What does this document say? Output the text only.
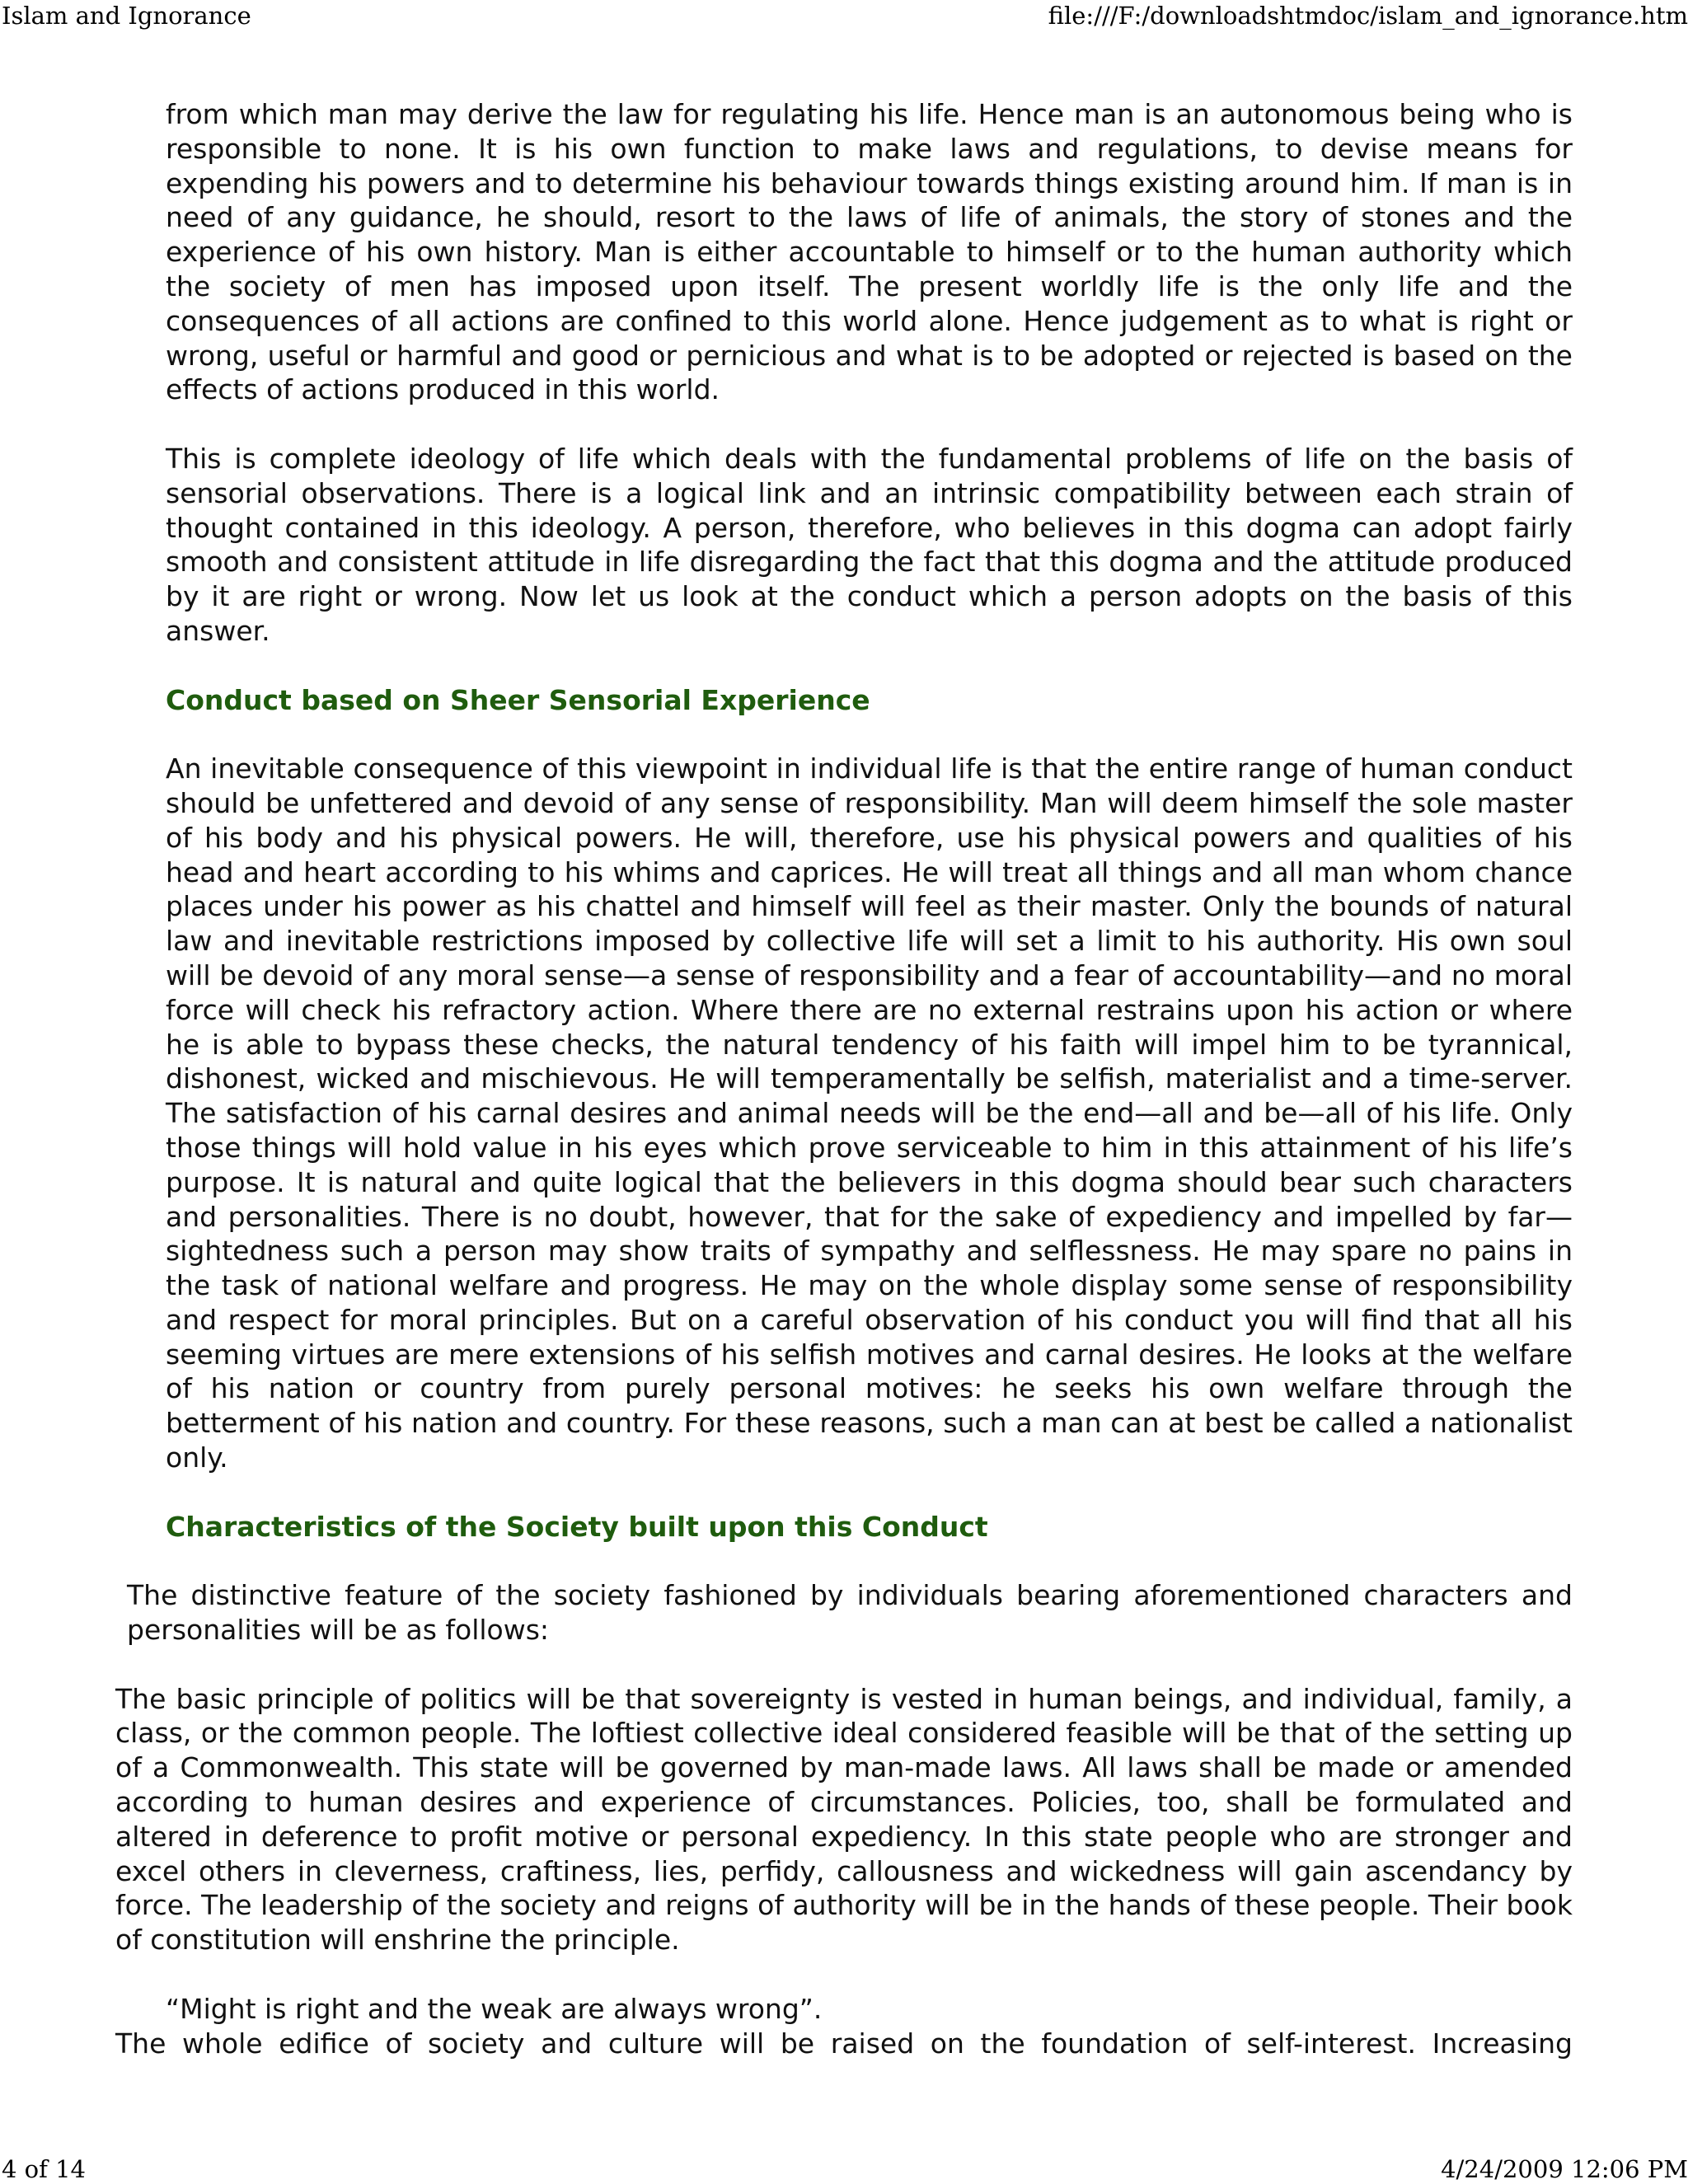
Islam and Ignorance	file:///F:/downloadshtmdoc/islam_and_ignorance.htm
from which man may derive the law for regulating his life. Hence man is an autonomous being who is responsible to none. It is his own function to make laws and regulations, to devise means for expending his powers and to determine his behaviour towards things existing around him. If man is in need of any guidance, he should, resort to the laws of life of animals, the story of stones and the experience of his own history. Man is either accountable to himself or to the human authority which the society of men has imposed upon itself. The present worldly life is the only life and the consequences of all actions are confined to this world alone. Hence judgement as to what is right or wrong, useful or harmful and good or pernicious and what is to be adopted or rejected is based on the effects of actions produced in this world.
This is complete ideology of life which deals with the fundamental problems of life on the basis of sensorial observations. There is a logical link and an intrinsic compatibility between each strain of thought contained in this ideology. A person, therefore, who believes in this dogma can adopt fairly smooth and consistent attitude in life disregarding the fact that this dogma and the attitude produced by it are right or wrong. Now let us look at the conduct which a person adopts on the basis of this answer.
Conduct based on Sheer Sensorial Experience
An inevitable consequence of this viewpoint in individual life is that the entire range of human conduct should be unfettered and devoid of any sense of responsibility. Man will deem himself the sole master of his body and his physical powers. He will, therefore, use his physical powers and qualities of his head and heart according to his whims and caprices. He will treat all things and all man whom chance places under his power as his chattel and himself will feel as their master. Only the bounds of natural law and inevitable restrictions imposed by collective life will set a limit to his authority. His own soul will be devoid of any moral sense—a sense of responsibility and a fear of accountability—and no moral force will check his refractory action. Where there are no external restrains upon his action or where he is able to bypass these checks, the natural tendency of his faith will impel him to be tyrannical, dishonest, wicked and mischievous. He will temperamentally be selfish, materialist and a time-server. The satisfaction of his carnal desires and animal needs will be the end—all and be—all of his life. Only those things will hold value in his eyes which prove serviceable to him in this attainment of his life’s purpose. It is natural and quite logical that the believers in this dogma should bear such characters and personalities. There is no doubt, however, that for the sake of expediency and impelled by far—sightedness such a person may show traits of sympathy and selflessness. He may spare no pains in the task of national welfare and progress. He may on the whole display some sense of responsibility and respect for moral principles. But on a careful observation of his conduct you will find that all his seeming virtues are mere extensions of his selfish motives and carnal desires. He looks at the welfare of his nation or country from purely personal motives: he seeks his own welfare through the betterment of his nation and country. For these reasons, such a man can at best be called a nationalist only.
Characteristics of the Society built upon this Conduct
The distinctive feature of the society fashioned by individuals bearing aforementioned characters and personalities will be as follows:
The basic principle of politics will be that sovereignty is vested in human beings, and individual, family, a class, or the common people. The loftiest collective ideal considered feasible will be that of the setting up of a Commonwealth. This state will be governed by man-made laws. All laws shall be made or amended according to human desires and experience of circumstances. Policies, too, shall be formulated and altered in deference to profit motive or personal expediency. In this state people who are stronger and excel others in cleverness, craftiness, lies, perfidy, callousness and wickedness will gain ascendancy by force. The leadership of the society and reigns of authority will be in the hands of these people. Their book of constitution will enshrine the principle.
“Might is right and the weak are always wrong”.
The whole edifice of society and culture will be raised on the foundation of self-interest. Increasing
4 of 14	4/24/2009 12:06 PM
